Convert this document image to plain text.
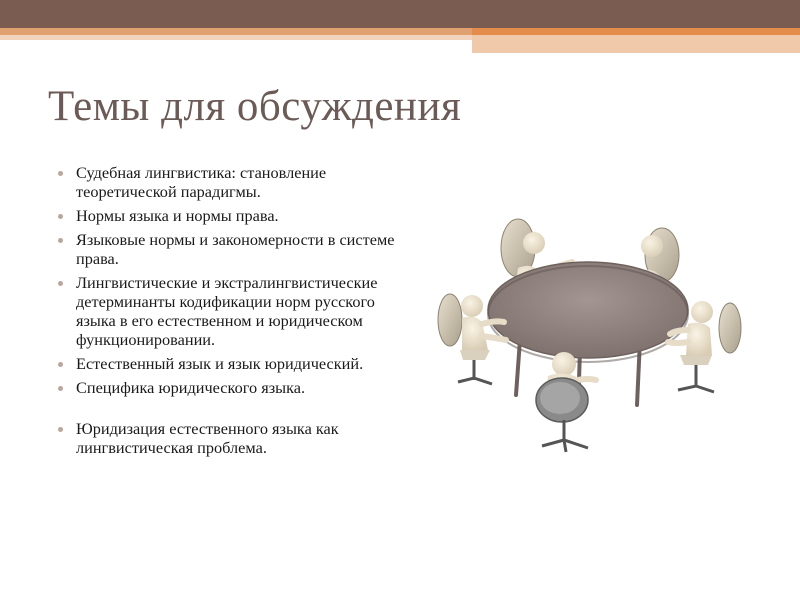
Темы для обсуждения
Судебная лингвистика: становление теоретической парадигмы.
Нормы языка и нормы права.
Языковые нормы и закономерности в системе права.
Лингвистические и экстралингвистические детерминанты кодификации норм русского языка в его естественном и юридическом функционировании.
Естественный язык и язык юридический.
Специфика юридического языка.
Юридизация естественного языка как лингвистическая проблема.
